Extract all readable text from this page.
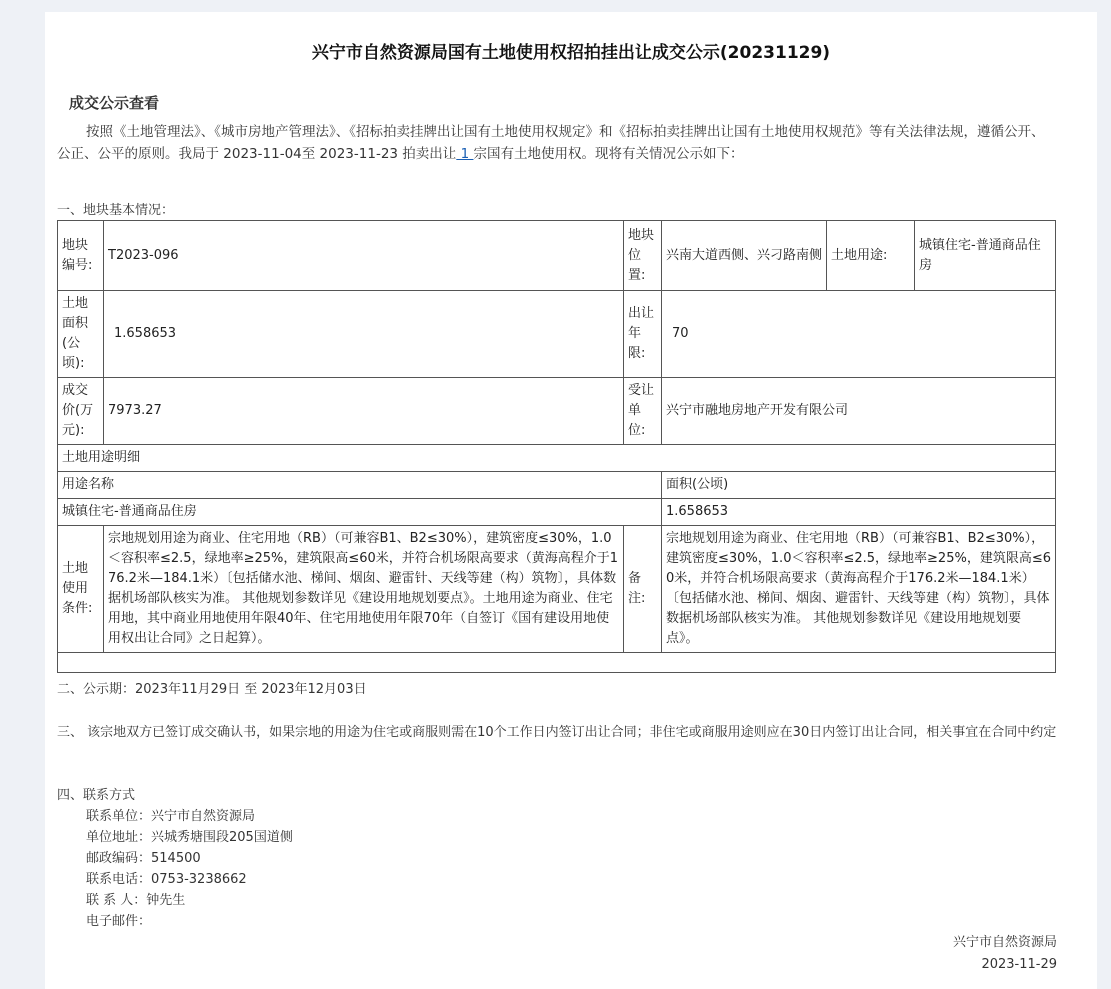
兴宁市自然资源局国有土地使用权招拍挂出让成交公示(20231129)
成交公示查看
按照《土地管理法》、《城市房地产管理法》、《招标拍卖挂牌出让国有土地使用权规定》和《招标拍卖挂牌出让国有土地使用权规范》等有关法律法规，遵循公开、公正、公平的原则。我局于 2023-11-04至 2023-11-23 拍卖出让 1 宗国有土地使用权。现将有关情况公示如下：
一、地块基本情况：
地块编号:	T2023-096	地块位置:	兴南大道西侧、兴刁路南侧	土地用途:	城镇住宅-普通商品住房
土地面积(公顷):	1.658653	出让年限:	70		
成交价(万元):	7973.27	受让单位:	兴宁市融地房地产开发有限公司		
土地用途明细					
用途名称			面积(公顷)		
城镇住宅-普通商品住房			1.658653		
土地使用条件:	宗地规划用途为商业、住宅用地（RB）（可兼容B1、B2≤30%），建筑密度≤30%，1.0＜容积率≤2.5，绿地率≥25%，建筑限高≤60米，并符合机场限高要求（黄海高程介于176.2米—184.1米）〔包括储水池、梯间、烟囱、避雷针、天线等建（构）筑物〕，具体数据机场部队核实为准。 其他规划参数详见《建设用地规划要点》。土地用途为商业、住宅用地，其中商业用地使用年限40年、住宅用地使用年限70年（自签订《国有建设用地使用权出让合同》之日起算）。	备注:	宗地规划用途为商业、住宅用地（RB）（可兼容B1、B2≤30%），建筑密度≤30%，1.0＜容积率≤2.5，绿地率≥25%，建筑限高≤60米，并符合机场限高要求（黄海高程介于176.2米—184.1米）〔包括储水池、梯间、烟囱、避雷针、天线等建（构）筑物〕，具体数据机场部队核实为准。 其他规划参数详见《建设用地规划要点》。		

二、公示期：2023年11月29日 至 2023年12月03日
三、 该宗地双方已签订成交确认书，如果宗地的用途为住宅或商服则需在10个工作日内签订出让合同；非住宅或商服用途则应在30日内签订出让合同，相关事宜在合同中约定
四、联系方式
联系单位：兴宁市自然资源局
单位地址：兴城秀塘围段205国道侧
邮政编码：514500
联系电话：0753-3238662
联 系 人：钟先生
电子邮件：
兴宁市自然资源局
2023-11-29
